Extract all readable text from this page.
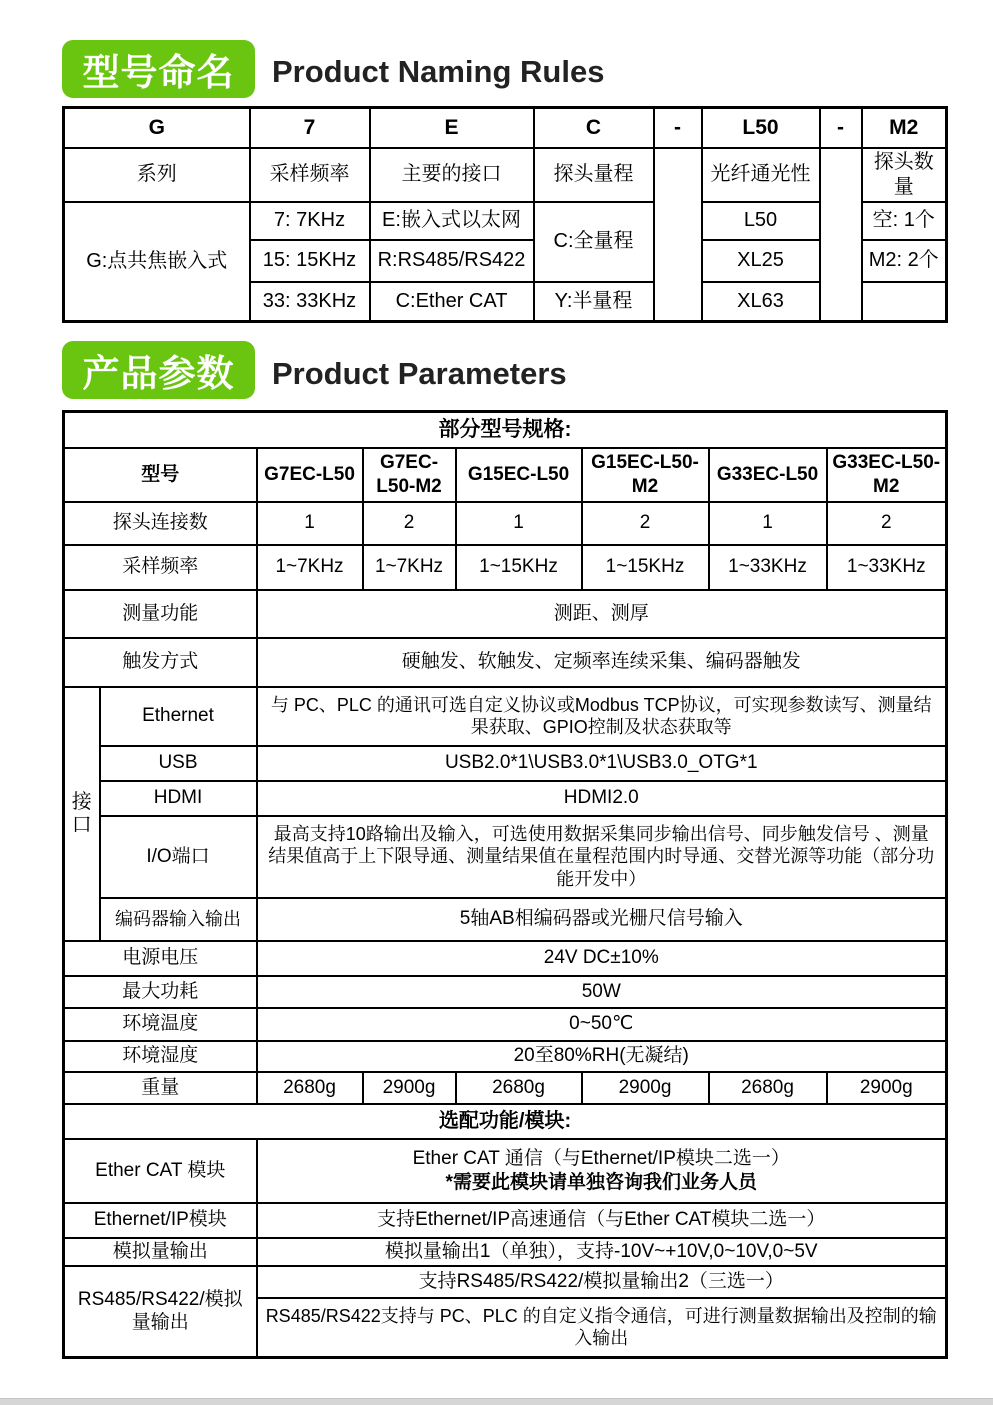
型号命名	Product Naming Rules
G	7	E	C	-	L50	-	M2
系列	采样频率	主要的接口	探头量程		光纤通光性		探头数量
G:点共焦嵌入式	7: 7KHz	E:嵌入式以太网	C:全量程		L50		空: 1个
	15: 15KHz	R:RS485/RS422			XL25		M2: 2个
	33: 33KHz	C:Ether CAT	Y:半量程		XL63		
产品参数	Product Parameters
部分型号规格:							
型号		G7EC-L50	G7EC-L50-M2	G15EC-L50	G15EC-L50-M2	G33EC-L50	G33EC-L50-M2
探头连接数		1	2	1	2	1	2
采样频率		1~7KHz	1~7KHz	1~15KHz	1~15KHz	1~33KHz	1~33KHz
测量功能		测距、测厚					
触发方式		硬触发、软触发、定频率连续采集、编码器触发					
接口	Ethernet	与 PC、PLC 的通讯可选自定义协议或Modbus TCP协议，可实现参数读写、测量结果获取、GPIO控制及状态获取等					
	USB	USB2.0*1\USB3.0*1\USB3.0_OTG*1					
	HDMI	HDMI2.0					
	I/O端口	最高支持10路输出及输入，可选使用数据采集同步输出信号、同步触发信号 、测量结果值高于上下限导通、测量结果值在量程范围内时导通、交替光源等功能（部分功能开发中）					
	编码器输入输出	5轴AB相编码器或光栅尺信号输入					
电源电压		24V DC±10%					
最大功耗		50W					
环境温度		0~50℃					
环境湿度		20至80%RH(无凝结)					
重量		2680g	2900g	2680g	2900g	2680g	2900g
选配功能/模块:							
Ether CAT 模块		Ether CAT 通信（与Ethernet/IP模块二选一）
*需要此模块请单独咨询我们业务人员					

Ethernet/IP模块		支持Ethernet/IP高速通信（与Ether CAT模块二选一）					
模拟量输出		模拟量输出1（单独），支持-10V~+10V,0~10V,0~5V					
RS485/RS422/模拟量输出		支持RS485/RS422/模拟量输出2（三选一）					
		RS485/RS422支持与 PC、PLC 的自定义指令通信，可进行测量数据输出及控制的输入输出					
